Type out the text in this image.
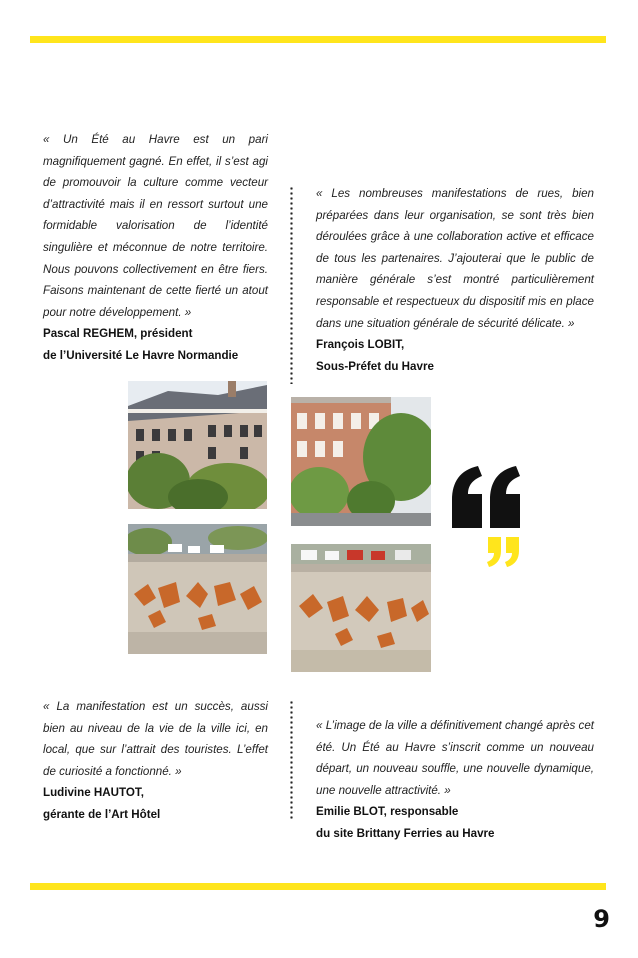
« Un Été au Havre est un pari magnifiquement gagné. En effet, il s’est agi de promouvoir la culture comme vecteur d’attractivité mais il en ressort surtout une formidable valorisation de l’identité singulière et méconnue de notre territoire. Nous pouvons collectivement en être fiers. Faisons maintenant de cette fierté un atout pour notre développement. »

Pascal REGHEM, président

de l’Université Le Havre Normandie

« Les nombreuses manifestations de rues, bien préparées dans leur organisation, se sont très bien déroulées grâce à une collaboration active et efficace de tous les partenaires. J’ajouterai que le public de manière générale s’est montré particulièrement responsable et respectueux du dispositif mis en place dans une situation générale de sécurité délicate. »

François LOBIT,

Sous-Préfet du Havre

« La manifestation est un succès, aussi bien au niveau de la vie de la ville ici, en local, que sur l’attrait des touristes. L’effet de curiosité a fonctionné. »

Ludivine HAUTOT,

gérante de l’Art Hôtel

« L’image de la ville a définitivement changé après cet été. Un Été au Havre s’inscrit comme un nouveau départ, un nouveau souffle, une nouvelle dynamique, une nouvelle attractivité. »

Emilie BLOT, responsable

du site Brittany Ferries au Havre

9
